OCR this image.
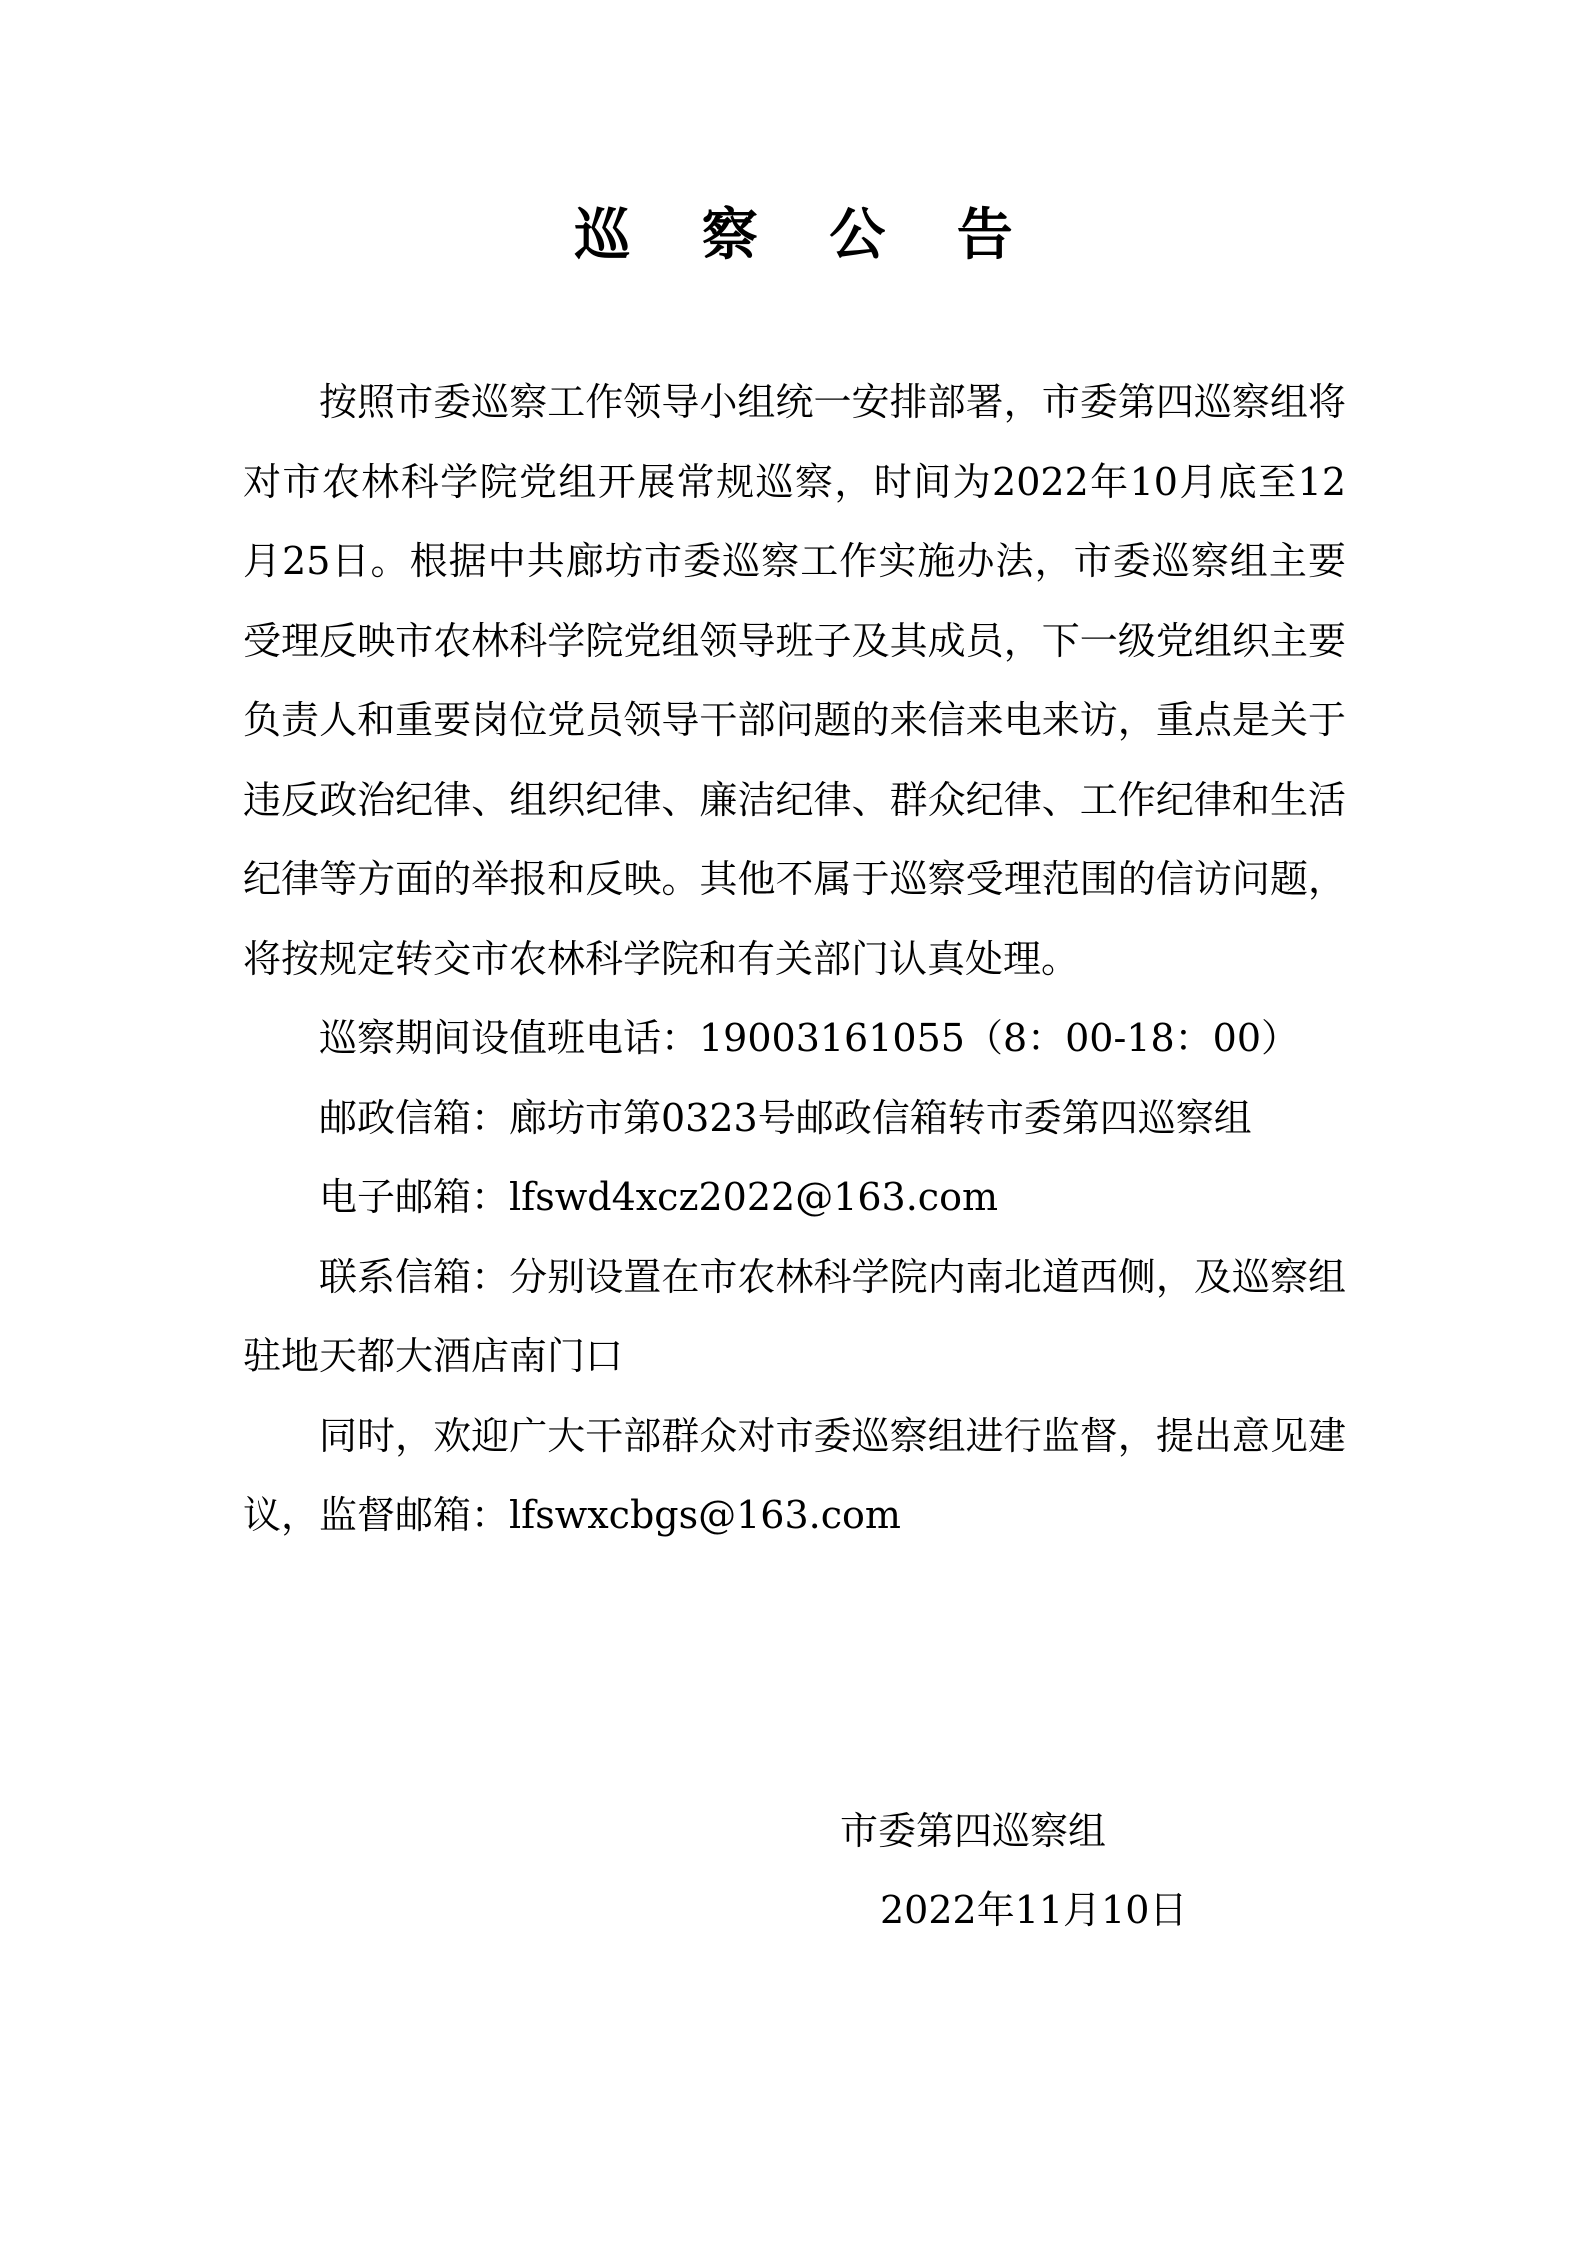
巡 察 公 告

按照市委巡察工作领导小组统一安排部署，市委第四巡察组将对市农林科学院党组开展常规巡察，时间为2022年10月底至12月25日。根据中共廊坊市委巡察工作实施办法，市委巡察组主要受理反映市农林科学院党组领导班子及其成员，下一级党组织主要负责人和重要岗位党员领导干部问题的来信来电来访，重点是关于违反政治纪律、组织纪律、廉洁纪律、群众纪律、工作纪律和生活纪律等方面的举报和反映。其他不属于巡察受理范围的信访问题，将按规定转交市农林科学院和有关部门认真处理。

巡察期间设值班电话：19003161055（8：00-18：00）

邮政信箱：廊坊市第0323号邮政信箱转市委第四巡察组

电子邮箱：lfswd4xcz2022@163.com

联系信箱：分别设置在市农林科学院内南北道西侧，及巡察组驻地天都大酒店南门口

同时，欢迎广大干部群众对市委巡察组进行监督，提出意见建议，监督邮箱：lfswxcbgs@163.com

市委第四巡察组
2022年11月10日
